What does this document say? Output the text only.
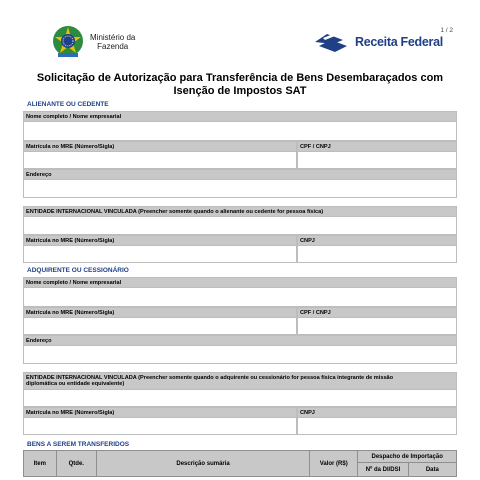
1 / 2
Ministério da
Fazenda	Receita Federal
Solicitação de Autorização para Transferência de Bens Desembaraçados com
Isenção de Impostos SAT
ALIENANTE OU CEDENTE
Nome completo / Nome empresarial
Matrícula no MRE (Número/Sigla)	CPF / CNPJ
Endereço
ENTIDADE INTERNACIONAL VINCULADA (Preencher somente quando o alienante ou cedente for pessoa física)
Matrícula no MRE (Número/Sigla)	CNPJ
ADQUIRENTE OU CESSIONÁRIO
Nome completo / Nome empresarial
Matrícula no MRE (Número/Sigla)	CPF / CNPJ
Endereço
ENTIDADE INTERNACIONAL VINCULADA (Preencher somente quando o adquirente ou cessionário for pessoa física integrante de missão
diplomática ou entidade equivalente)
Matrícula no MRE (Número/Sigla)	CNPJ
BENS A SEREM TRANSFERIDOS
Item	Qtde.	Descrição sumária	Valor (R$)	Despacho de Importação	
				Nº da DI/DSI	Data
